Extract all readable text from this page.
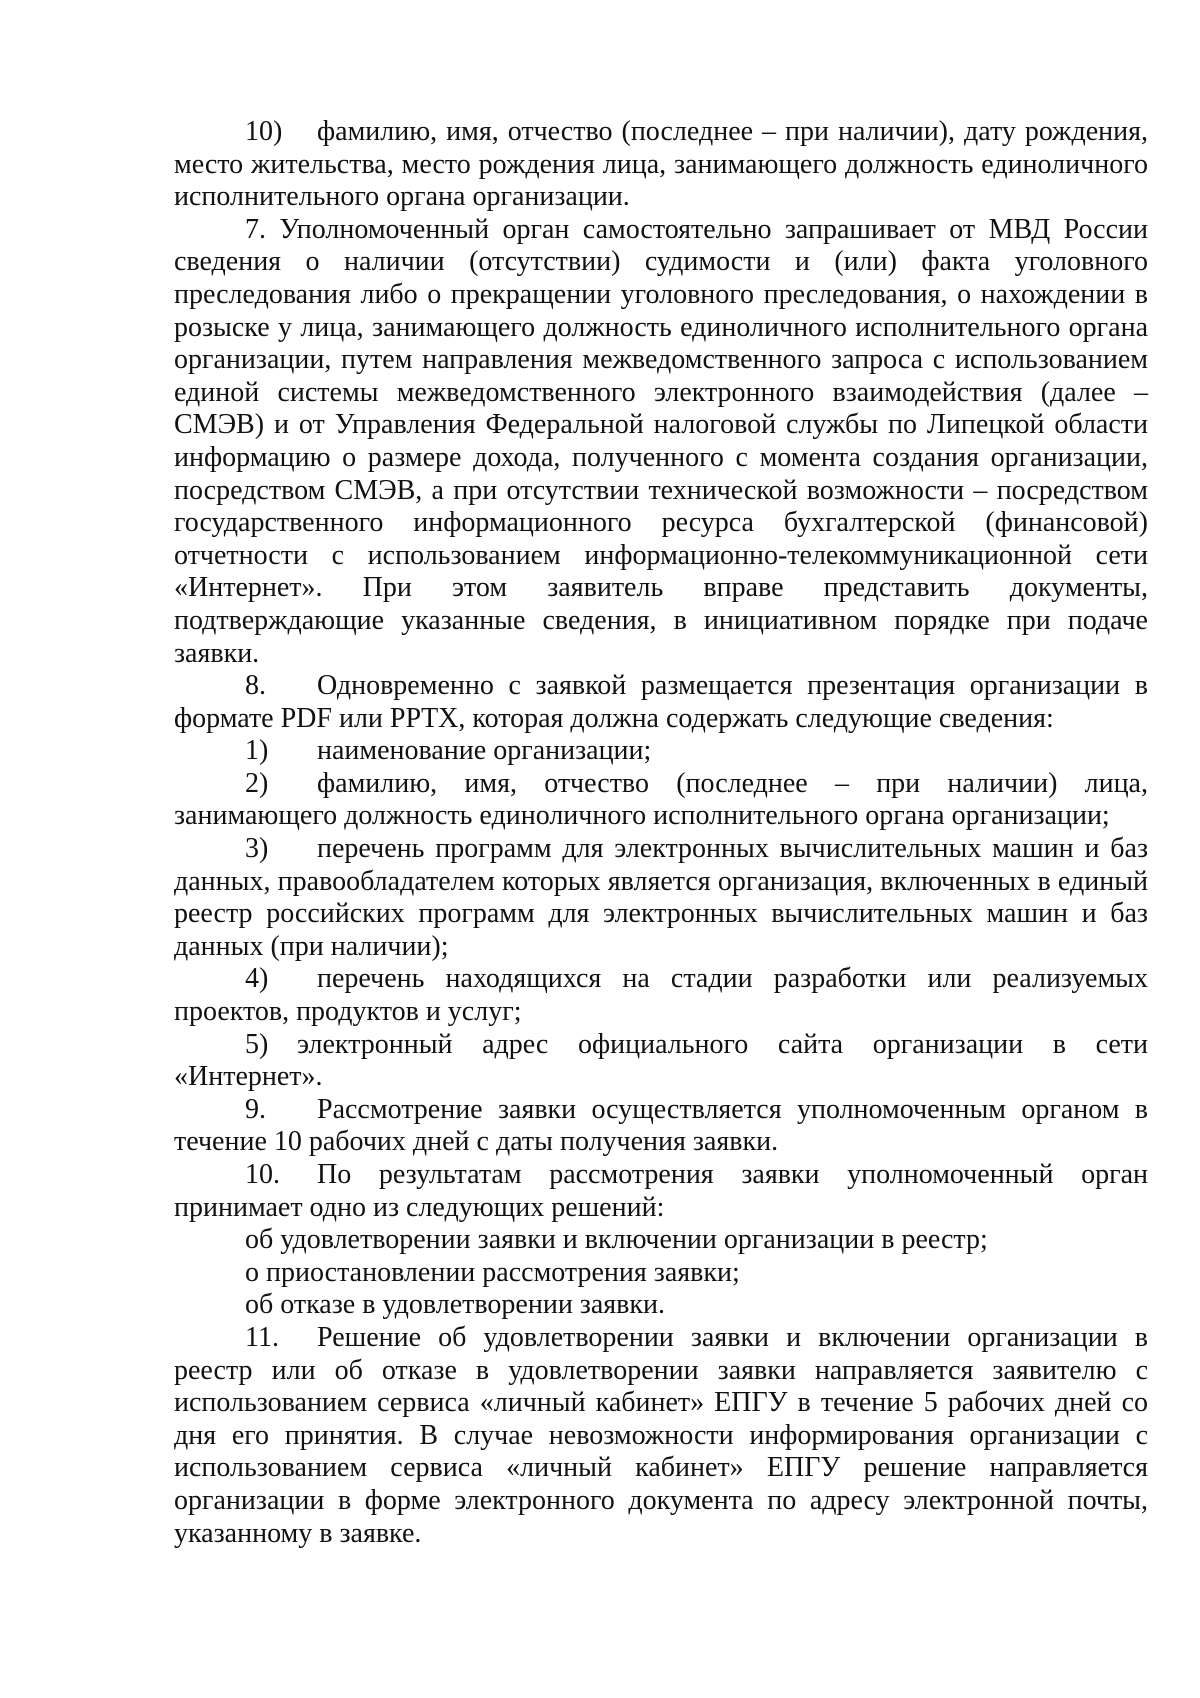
10) фамилию, имя, отчество (последнее – при наличии), дату рождения, место жительства, место рождения лица, занимающего должность единоличного исполнительного органа организации.

7. Уполномоченный орган самостоятельно запрашивает от МВД России сведения о наличии (отсутствии) судимости и (или) факта уголовного преследования либо о прекращении уголовного преследования, о нахождении в розыске у лица, занимающего должность единоличного исполнительного органа организации, путем направления межведомственного запроса с использованием единой системы межведомственного электронного взаимодействия (далее – СМЭВ) и от Управления Федеральной налоговой службы по Липецкой области информацию о размере дохода, полученного с момента создания организации, посредством СМЭВ, а при отсутствии технической возможности – посредством государственного информационного ресурса бухгалтерской (финансовой) отчетности с использованием информационно-телекоммуникационной сети «Интернет». При этом заявитель вправе представить документы, подтверждающие указанные сведения, в инициативном порядке при подаче заявки.

8. Одновременно с заявкой размещается презентация организации в формате PDF или PPTX, которая должна содержать следующие сведения:

1) наименование организации;

2) фамилию, имя, отчество (последнее – при наличии) лица, занимающего должность единоличного исполнительного органа организации;

3) перечень программ для электронных вычислительных машин и баз данных, правообладателем которых является организация, включенных в единый реестр российских программ для электронных вычислительных машин и баз данных (при наличии);

4) перечень находящихся на стадии разработки или реализуемых проектов, продуктов и услуг;

5) электронный адрес официального сайта организации в сети «Интернет».

9. Рассмотрение заявки осуществляется уполномоченным органом в течение 10 рабочих дней с даты получения заявки.

10. По результатам рассмотрения заявки уполномоченный орган принимает одно из следующих решений:

об удовлетворении заявки и включении организации в реестр;

о приостановлении рассмотрения заявки;

об отказе в удовлетворении заявки.

11. Решение об удовлетворении заявки и включении организации в реестр или об отказе в удовлетворении заявки направляется заявителю с использованием сервиса «личный кабинет» ЕПГУ в течение 5 рабочих дней со дня его принятия. В случае невозможности информирования организации с использованием сервиса «личный кабинет» ЕПГУ решение направляется организации в форме электронного документа по адресу электронной почты, указанному в заявке.
